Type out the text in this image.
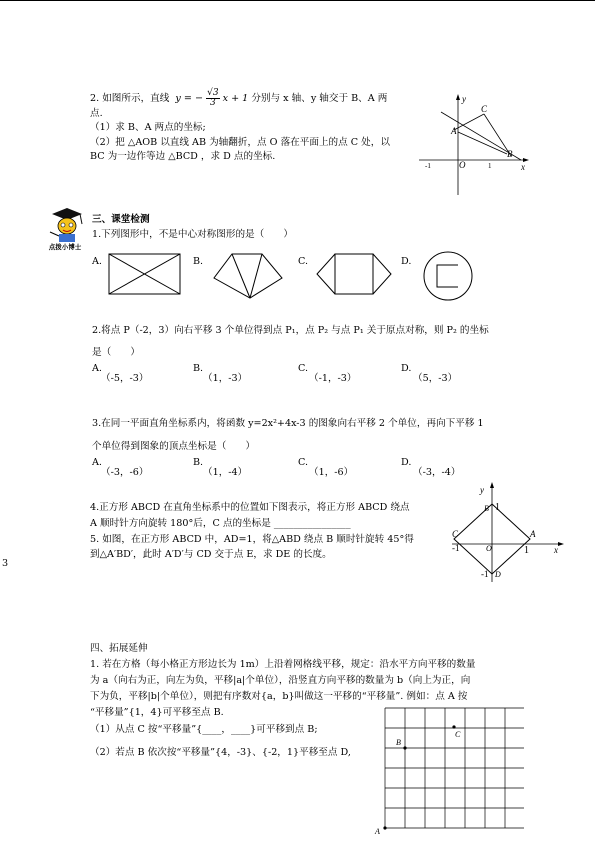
2. 如图所示，直线 y = − $\frac{√3}{3}$ x + 1 分别与 x 轴、y 轴交于 B、A 两
点.
（1）求 B、A 两点的坐标;
（2）把 △AOB 以直线 AB 为轴翻折，点 O 落在平面上的点 C 处，以
BC 为一边作等边 △BCD ，求 D 点的坐标.
y
x
C
A
B
O
-1	1
点拨小博士
三、课堂检测
1.下列图形中，不是中心对称图形的是（　　）
A.	B.	C.	D.
2.将点 P（-2，3）向右平移 3 个单位得到点 P₁，点 P₂ 与点 P₁ 关于原点对称，则 P₂ 的坐标
是（　　）
A.
（-5，-3）
B.
（1，-3）
C.
（-1，-3）
D.
（5，-3）
3.在同一平面直角坐标系内，将函数 y=2x²+4x-3 的图象向右平移 2 个单位，再向下平移 1
个单位得到图象的顶点坐标是（　　）
A.
（-3，-6）
B.
（1，-4）
C.
（1，-6）
D.
（-3，-4）
4.正方形 ABCD 在直角坐标系中的位置如下图表示，将正方形 ABCD 绕点
A 顺时针方向旋转 180°后，C 点的坐标是 ________________
5. 如图，在正方形 ABCD 中，AD=1，将△ABD 绕点 B 顺时针旋转 45°得
到△A′BD′，此时 A′D′与 CD 交于点 E，求 DE 的长度。
3
y
x
B 1
C
-1	O
A
1
-1 D
四、拓展延伸
1. 若在方格（每小格正方形边长为 1m）上沿着网格线平移，规定：沿水平方向平移的数量
为 a（向右为正，向左为负，平移|a|个单位），沿竖直方向平移的数量为 b（向上为正，向
下为负，平移|b|个单位），则把有序数对{a，b}叫做这一平移的“平移量”. 例如：点 A 按
“平移量”{1，4}可平移至点 B.
（1）从点 C 按“平移量”{____，____}可平移到点 B;
（2）若点 B 依次按“平移量”{4，-3}、{-2，1}平移至点 D,
A
B
C
